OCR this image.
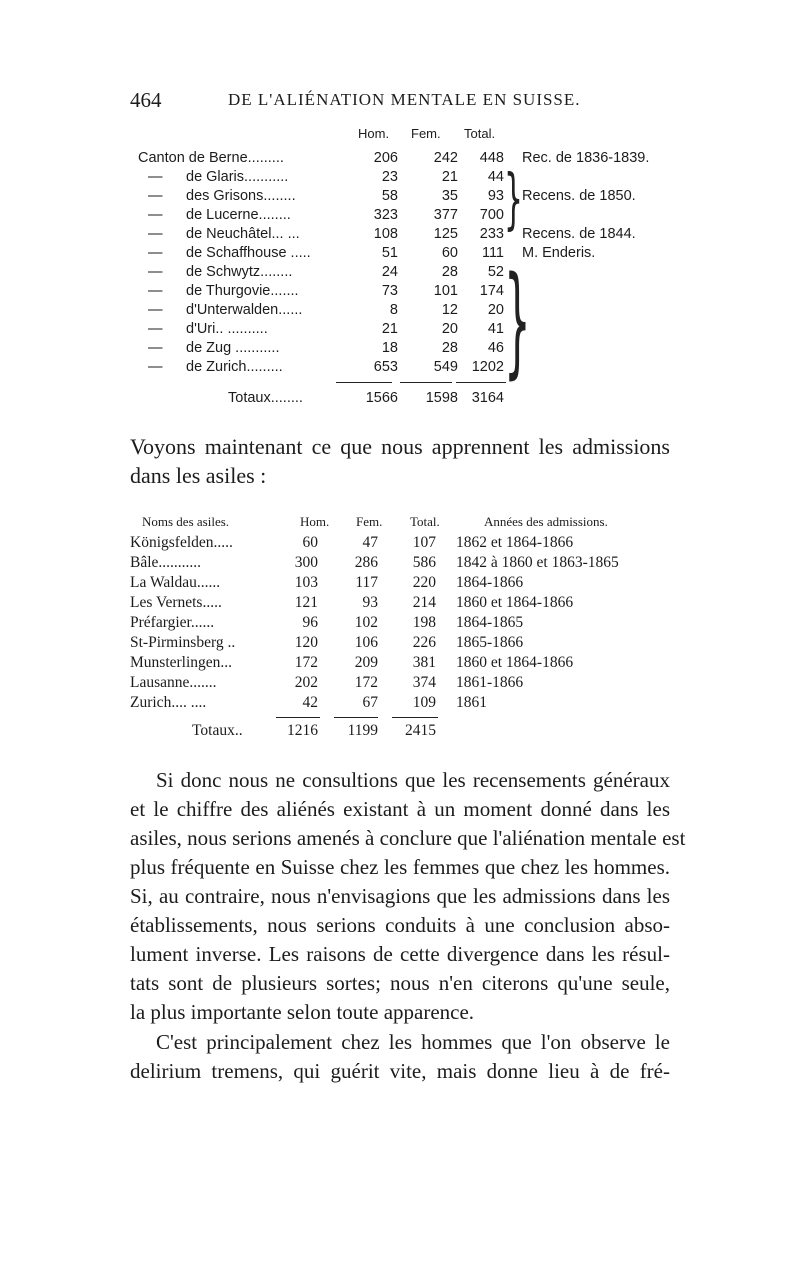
464	DE L'ALIÉNATION MENTALE EN SUISSE.
Hom. Fem. Total.
Canton de Berne.........	206	242	448 Rec. de 1836-1839.
— de Glaris...........	23	21	44
— des Grisons........	58	35	93 Recens. de 1850.
— de Lucerne........	323	377	700
— de Neuchâtel... ...	108	125	233 Recens. de 1844.
— de Schaffhouse .....	51	60	111 M. Enderis.
— de Schwytz........	24	28	52
— de Thurgovie.......	73	101	174
— d'Unterwalden......	8	12	20
— d'Uri.. ..........	21	20	41
— de Zug ...........	18	28	46
— de Zurich.........	653	549 1202
}
}
Totaux........	1566	1598 3164
Voyons maintenant ce que nous apprennent les admissions
dans les asiles :
Noms des asiles.	Hom. Fem. Total.	Années des admissions.
Königsfelden.....	60	47	107 1862 et 1864-1866
Bâle...........	300	286	586 1842 à 1860 et 1863-1865
La Waldau......	103	117	220 1864-1866
Les Vernets.....	121	93	214 1860 et 1864-1866
Préfargier......	96	102	198 1864-1865
St-Pirminsberg ..	120	106	226 1865-1866
Munsterlingen...	172	209	381 1860 et 1864-1866
Lausanne.......	202	172	374 1861-1866
Zurich.... ....	42	67	109 1861
Totaux..	1216	1199	2415
Si donc nous ne consultions que les recensements généraux
et le chiffre des aliénés existant à un moment donné dans les
asiles, nous serions amenés à conclure que l'aliénation mentale est
plus fréquente en Suisse chez les femmes que chez les hommes.
Si, au contraire, nous n'envisagions que les admissions dans les
établissements, nous serions conduits à une conclusion abso-
lument inverse. Les raisons de cette divergence dans les résul-
tats sont de plusieurs sortes; nous n'en citerons qu'une seule,
la plus importante selon toute apparence.
C'est principalement chez les hommes que l'on observe le
delirium tremens, qui guérit vite, mais donne lieu à de fré-
